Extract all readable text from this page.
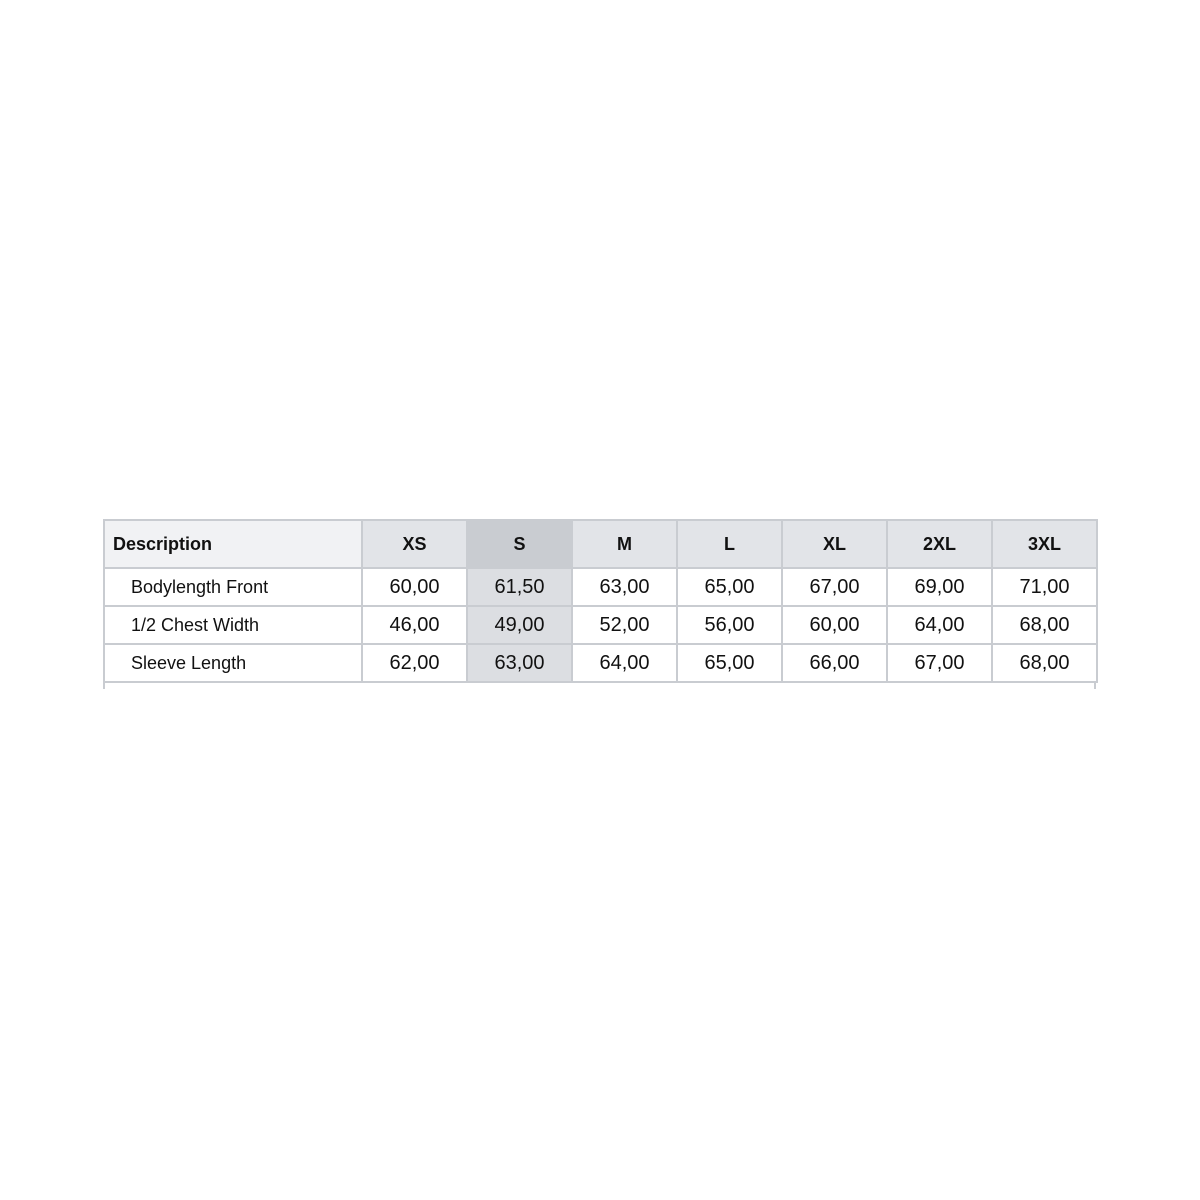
Description	XS	S	M	L	XL	2XL	3XL
Bodylength Front	60,00	61,50	63,00	65,00	67,00	69,00	71,00
1/2 Chest Width	46,00	49,00	52,00	56,00	60,00	64,00	68,00
Sleeve Length	62,00	63,00	64,00	65,00	66,00	67,00	68,00
